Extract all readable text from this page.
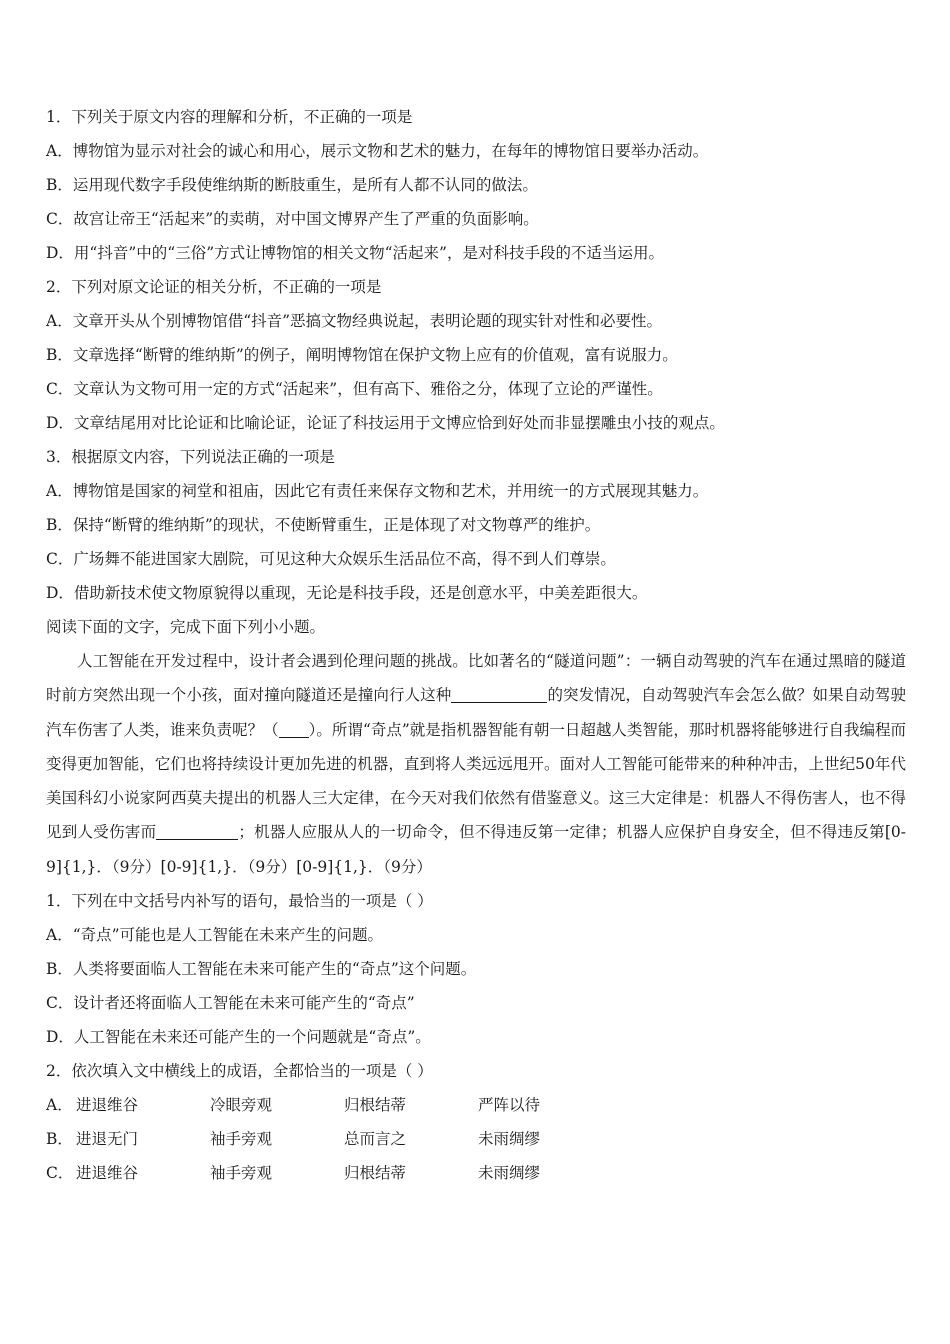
1．下列关于原文内容的理解和分析，不正确的一项是
A．博物馆为显示对社会的诚心和用心，展示文物和艺术的魅力，在每年的博物馆日要举办活动。
B．运用现代数字手段使维纳斯的断肢重生，是所有人都不认同的做法。
C．故宫让帝王“活起来”的卖萌，对中国文博界产生了严重的负面影响。
D．用“抖音”中的“三俗”方式让博物馆的相关文物“活起来”，是对科技手段的不适当运用。
2．下列对原文论证的相关分析，不正确的一项是
A．文章开头从个别博物馆借“抖音”恶搞文物经典说起，表明论题的现实针对性和必要性。
B．文章选择“断臂的维纳斯”的例子，阐明博物馆在保护文物上应有的价值观，富有说服力。
C．文章认为文物可用一定的方式“活起来”，但有高下、雅俗之分，体现了立论的严谨性。
D．文章结尾用对比论证和比喻论证，论证了科技运用于文博应恰到好处而非显摆雕虫小技的观点。
3．根据原文内容，下列说法正确的一项是
A．博物馆是国家的祠堂和祖庙，因此它有责任来保存文物和艺术，并用统一的方式展现其魅力。
B．保持“断臂的维纳斯”的现状，不使断臂重生，正是体现了对文物尊严的维护。
C．广场舞不能进国家大剧院，可见这种大众娱乐生活品位不高，得不到人们尊崇。
D．借助新技术使文物原貌得以重现，无论是科技手段，还是创意水平，中美差距很大。
阅读下面的文字，完成下面下列小小题。
人工智能在开发过程中，设计者会遇到伦理问题的挑战。比如著名的“隧道问题”：一辆自动驾驶的汽车在通过黑暗的隧道时前方突然出现一个小孩，面对撞向隧道还是撞向行人这种	的突发情况，自动驾驶汽车会怎么做？如果自动驾驶汽车伤害了人类，谁来负责呢？（ ）。所谓“奇点”就是指机器智能有朝一日超越人类智能，那时机器将能够进行自我编程而变得更加智能，它们也将持续设计更加先进的机器，直到将人类远远甩开。面对人工智能可能带来的种种冲击，上世纪50年代美国科幻小说家阿西莫夫提出的机器人三大定律，在今天对我们依然有借鉴意义。这三大定律是：机器人不得伤害人，也不得见到人受伤害而	；机器人应服从人的一切命令，但不得违反第一定律；机器人应保护自身安全，但不得违反第[0-9]{1,}．（9分）[0-9]{1,}．（9分）[0-9]{1,}．（9分）
1．下列在中文括号内补写的语句，最恰当的一项是（ ）
A．“奇点”可能也是人工智能在未来产生的问题。
B．人类将要面临人工智能在未来可能产生的“奇点”这个问题。
C．设计者还将面临人工智能在未来可能产生的“奇点”
D．人工智能在未来还可能产生的一个问题就是“奇点”。
2．依次填入文中横线上的成语，全都恰当的一项是（ ）
A． 进退维谷	冷眼旁观	归根结蒂	严阵以待
B． 进退无门	袖手旁观	总而言之	未雨绸缪
C． 进退维谷	袖手旁观	归根结蒂	未雨绸缪
